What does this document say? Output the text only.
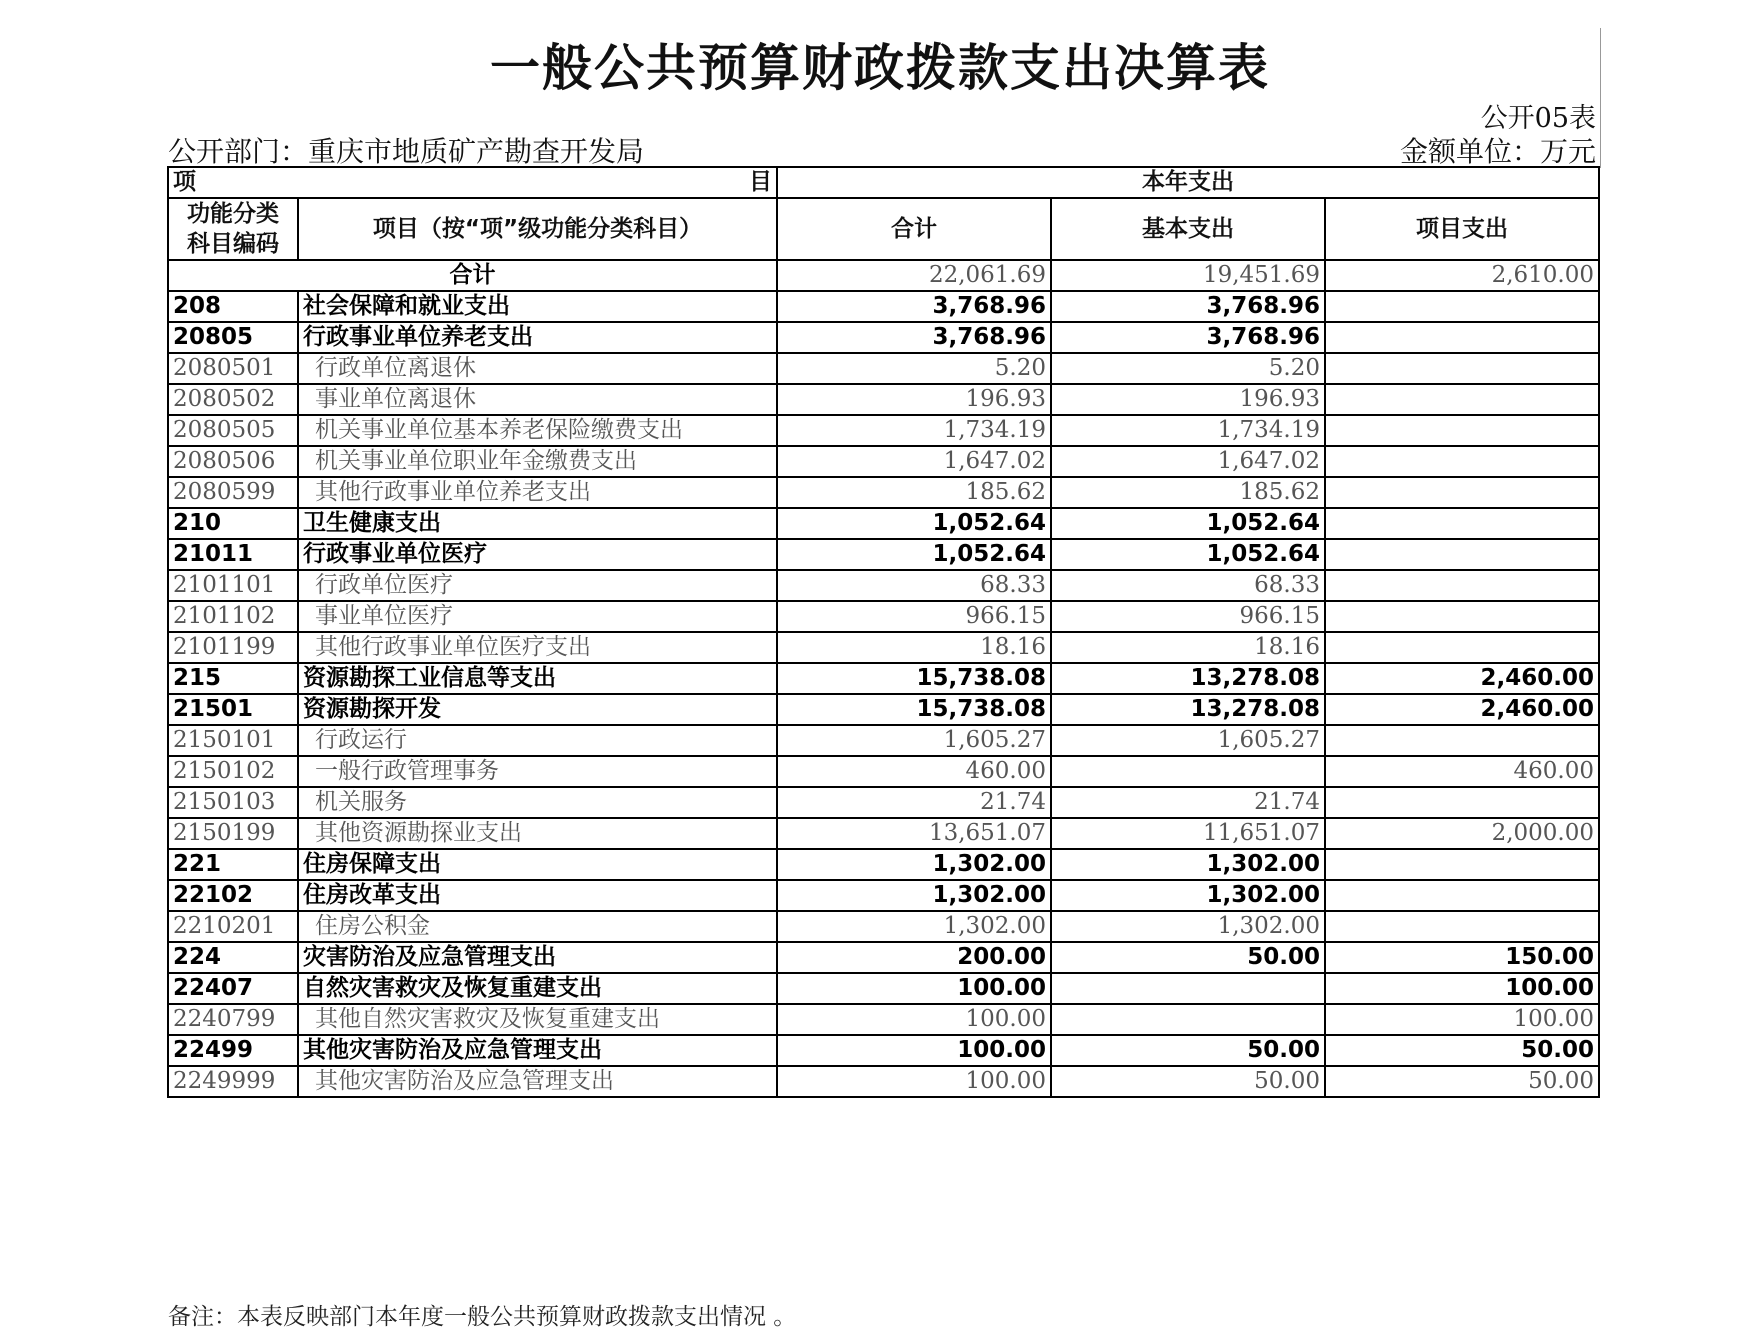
一般公共预算财政拨款支出决算表
公开05表
公开部门：重庆市地质矿产勘查开发局	金额单位：万元
项 目		本年支出		
功能分类科目编码	项目（按“项”级功能分类科目）	合计	基本支出	项目支出
合计		22,061.69	19,451.69	2,610.00
208	社会保障和就业支出	3,768.96	3,768.96	
20805	行政事业单位养老支出	3,768.96	3,768.96	
2080501	行政单位离退休	5.20	5.20	
2080502	事业单位离退休	196.93	196.93	
2080505	机关事业单位基本养老保险缴费支出	1,734.19	1,734.19	
2080506	机关事业单位职业年金缴费支出	1,647.02	1,647.02	
2080599	其他行政事业单位养老支出	185.62	185.62	
210	卫生健康支出	1,052.64	1,052.64	
21011	行政事业单位医疗	1,052.64	1,052.64	
2101101	行政单位医疗	68.33	68.33	
2101102	事业单位医疗	966.15	966.15	
2101199	其他行政事业单位医疗支出	18.16	18.16	
215	资源勘探工业信息等支出	15,738.08	13,278.08	2,460.00
21501	资源勘探开发	15,738.08	13,278.08	2,460.00
2150101	行政运行	1,605.27	1,605.27	
2150102	一般行政管理事务	460.00		460.00
2150103	机关服务	21.74	21.74	
2150199	其他资源勘探业支出	13,651.07	11,651.07	2,000.00
221	住房保障支出	1,302.00	1,302.00	
22102	住房改革支出	1,302.00	1,302.00	
2210201	住房公积金	1,302.00	1,302.00	
224	灾害防治及应急管理支出	200.00	50.00	150.00
22407	自然灾害救灾及恢复重建支出	100.00		100.00
2240799	其他自然灾害救灾及恢复重建支出	100.00		100.00
22499	其他灾害防治及应急管理支出	100.00	50.00	50.00
2249999	其他灾害防治及应急管理支出	100.00	50.00	50.00
备注：本表反映部门本年度一般公共预算财政拨款支出情况 。
